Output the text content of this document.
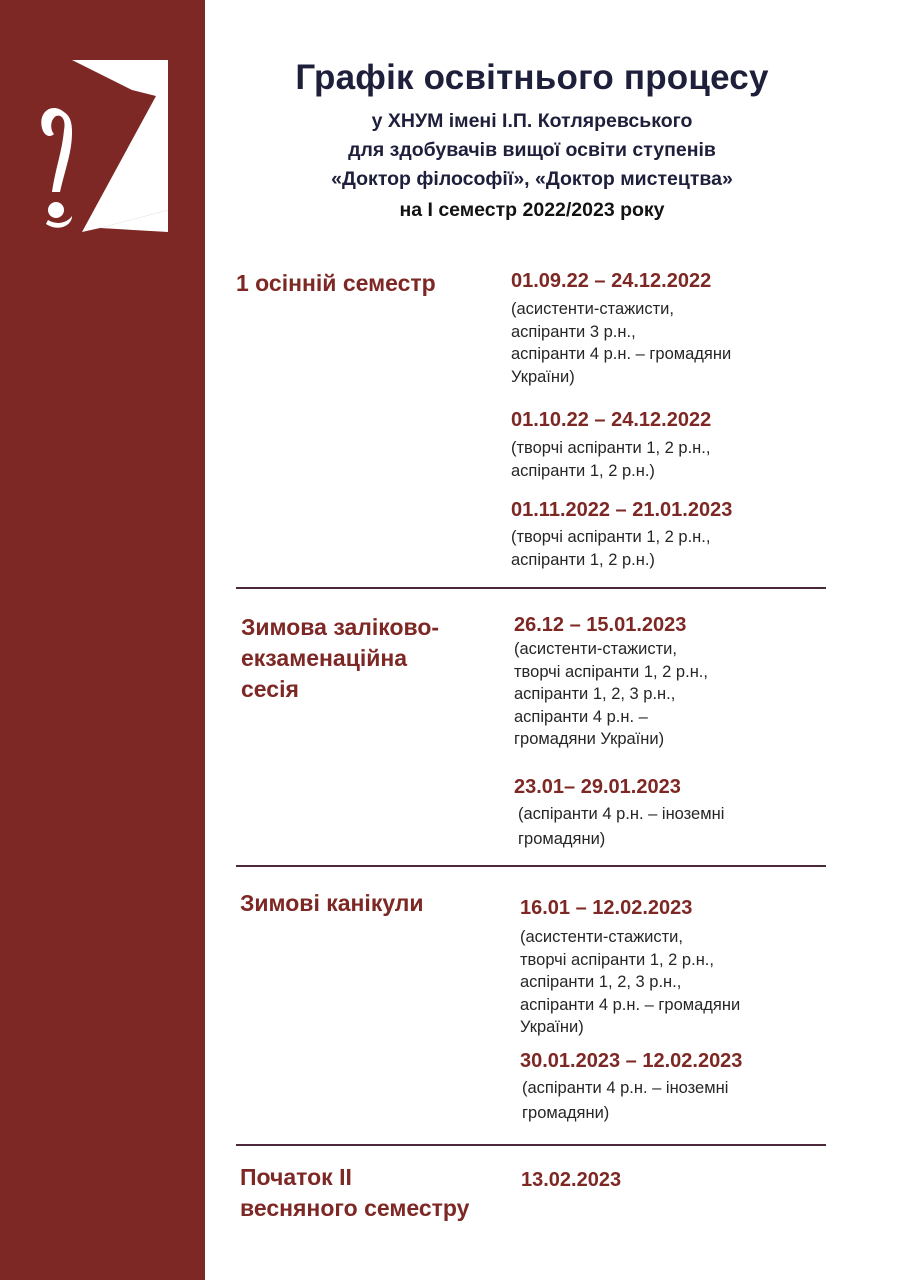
Графік освітнього процесу

у ХНУМ імені І.П. Котляревського

для здобувачів вищої освіти ступенів

«Доктор філософії», «Доктор мистецтва»

на I семестр 2022/2023 року

1 осінній семестр	01.09.22 – 24.12.2022

(асистенти-стажисти,
аспіранти 3 р.н.,
аспіранти 4 р.н. – громадяни
України)

01.10.22 – 24.12.2022

(творчі аспіранти 1, 2 р.н.,
аспіранти 1, 2 р.н.)

01.11.2022 – 21.01.2023

(творчі аспіранти 1, 2 р.н.,
аспіранти 1, 2 р.н.)
Зимова заліково-
екзаменаційна
сесія

26.12 – 15.01.2023

(асистенти-стажисти,
творчі аспіранти 1, 2 р.н.,
аспіранти 1, 2, 3 р.н.,
аспіранти 4 р.н. –
громадяни України)

23.01– 29.01.2023

(аспіранти 4 р.н. – іноземні
громадяни)
Зимові канікули	16.01 – 12.02.2023

(асистенти-стажисти,
творчі аспіранти 1, 2 р.н.,
аспіранти 1, 2, 3 р.н.,
аспіранти 4 р.н. – громадяни
України)

30.01.2023 – 12.02.2023

(аспіранти 4 р.н. – іноземні
громадяни)
Початок II
весняного семестру

13.02.2023
